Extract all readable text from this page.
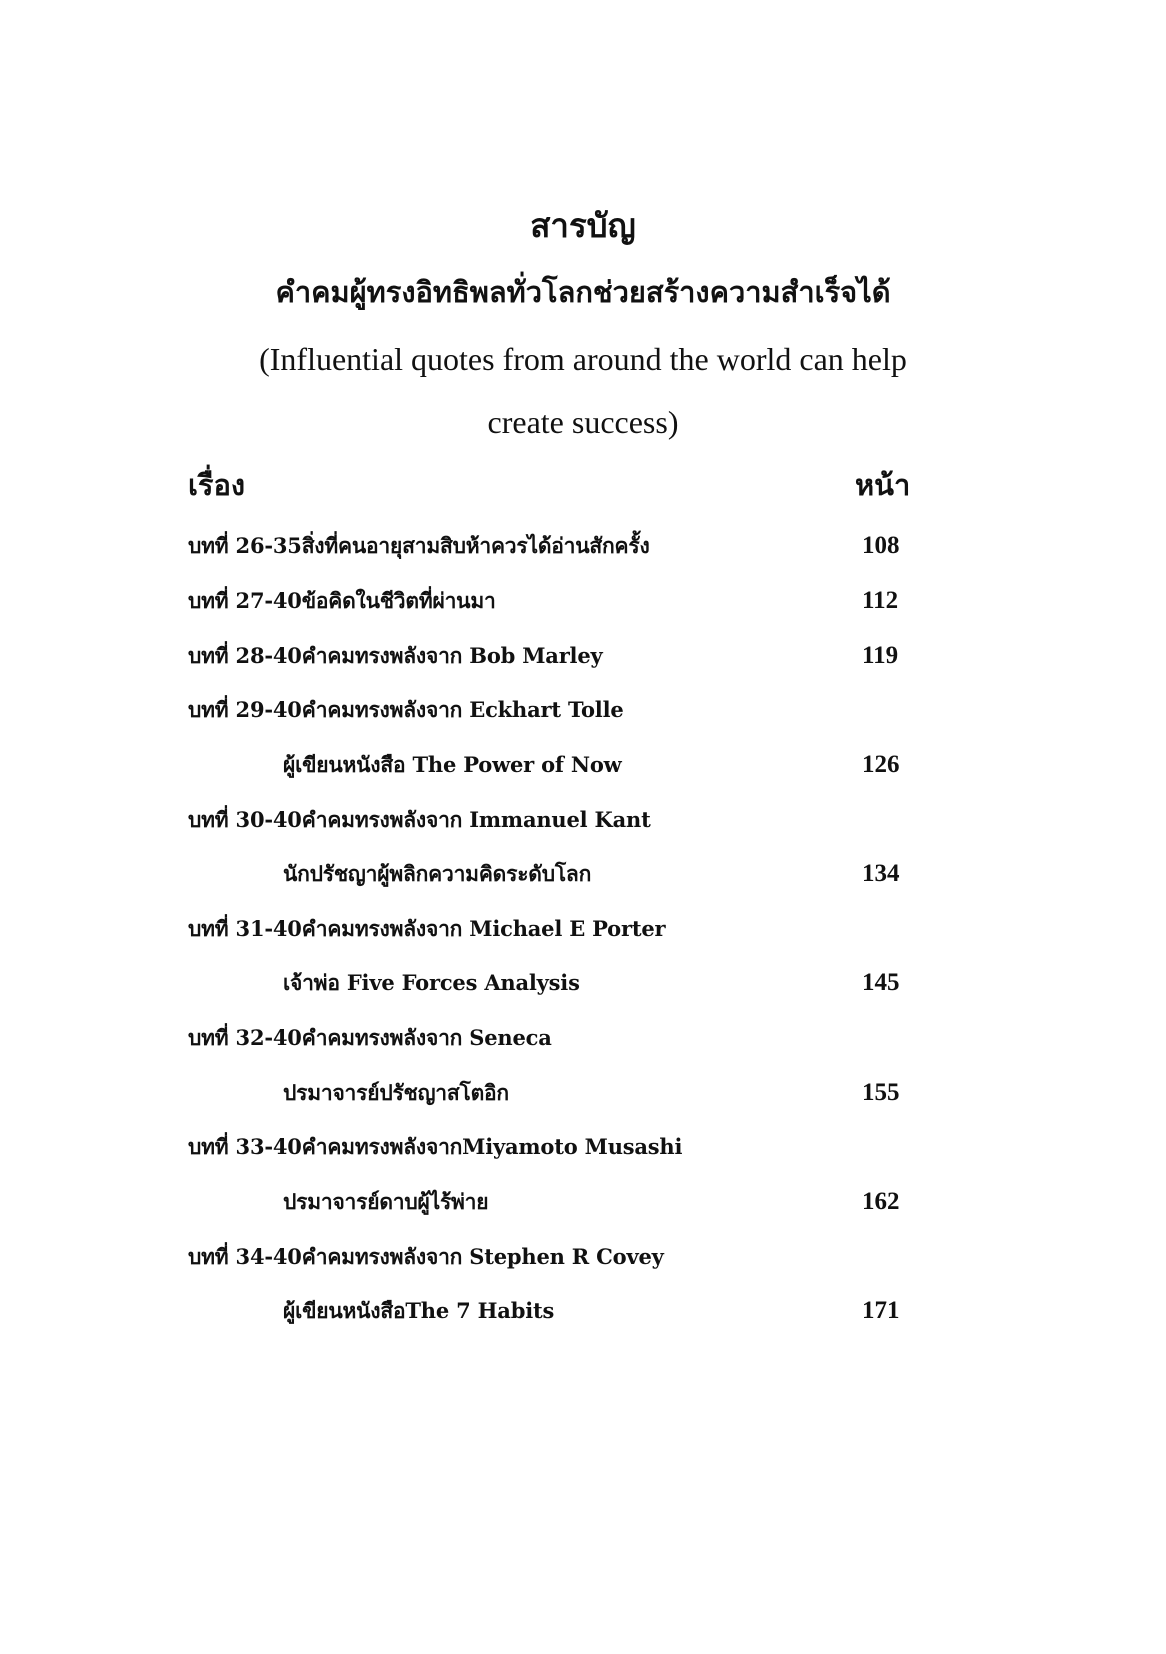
สารบัญ
คำคมผู้ทรงอิทธิพลทั่วโลกช่วยสร้างความสำเร็จได้
(Influential quotes from around the world can help
create success)
เรื่อง	หน้า
บทที่ 26-35สิ่งที่คนอายุสามสิบห้าควรได้อ่านสักครั้ง	108
บทที่ 27-40ข้อคิดในชีวิตที่ผ่านมา	112
บทที่ 28-40คำคมทรงพลังจาก Bob Marley	119
บทที่ 29-40คำคมทรงพลังจาก Eckhart Tolle
ผู้เขียนหนังสือ The Power of Now	126
บทที่ 30-40คำคมทรงพลังจาก Immanuel Kant
นักปรัชญาผู้พลิกความคิดระดับโลก	134
บทที่ 31-40คำคมทรงพลังจาก Michael E Porter
เจ้าพ่อ Five Forces Analysis	145
บทที่ 32-40คำคมทรงพลังจาก Seneca
ปรมาจารย์ปรัชญาสโตอิก	155
บทที่ 33-40คำคมทรงพลังจากMiyamoto Musashi
ปรมาจารย์ดาบผู้ไร้พ่าย	162
บทที่ 34-40คำคมทรงพลังจาก Stephen R Covey
ผู้เขียนหนังสือThe 7 Habits	171
